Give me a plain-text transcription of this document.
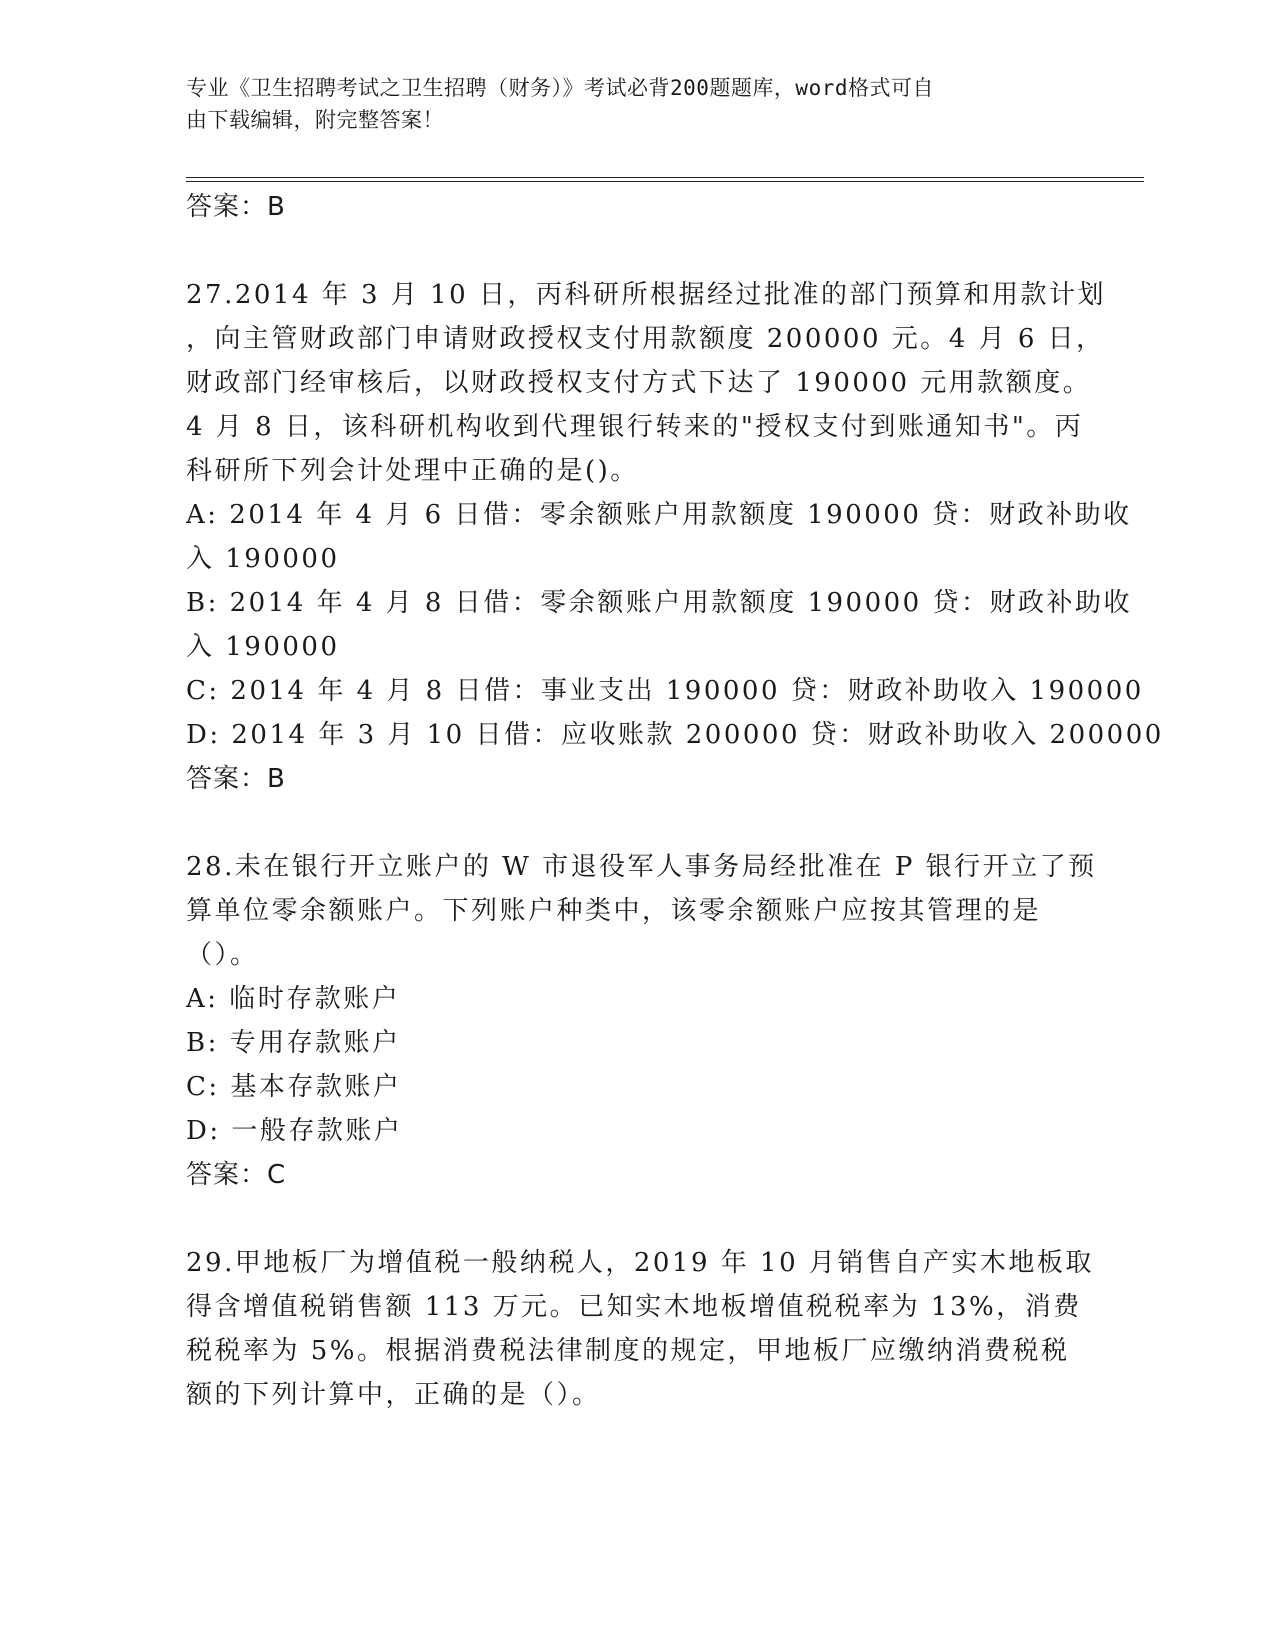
专业《卫生招聘考试之卫生招聘（财务）》考试必背200题题库，word格式可自
由下载编辑，附完整答案！
答案：B
27.2014 年 3 月 10 日，丙科研所根据经过批准的部门预算和用款计划
，向主管财政部门申请财政授权支付用款额度 200000 元。4 月 6 日，
财政部门经审核后，以财政授权支付方式下达了 190000 元用款额度。
4 月 8 日，该科研机构收到代理银行转来的"授权支付到账通知书"。丙
科研所下列会计处理中正确的是()。
A: 2014 年 4 月 6 日借：零余额账户用款额度 190000 贷：财政补助收
入 190000
B: 2014 年 4 月 8 日借：零余额账户用款额度 190000 贷：财政补助收
入 190000
C: 2014 年 4 月 8 日借：事业支出 190000 贷：财政补助收入 190000
D: 2014 年 3 月 10 日借：应收账款 200000 贷：财政补助收入 200000
答案：B
28.未在银行开立账户的 W 市退役军人事务局经批准在 P 银行开立了预
算单位零余额账户。下列账户种类中，该零余额账户应按其管理的是
（）。
A: 临时存款账户
B: 专用存款账户
C: 基本存款账户
D: 一般存款账户
答案：C
29.甲地板厂为增值税一般纳税人，2019 年 10 月销售自产实木地板取
得含增值税销售额 113 万元。已知实木地板增值税税率为 13%，消费
税税率为 5%。根据消费税法律制度的规定，甲地板厂应缴纳消费税税
额的下列计算中，正确的是（）。
